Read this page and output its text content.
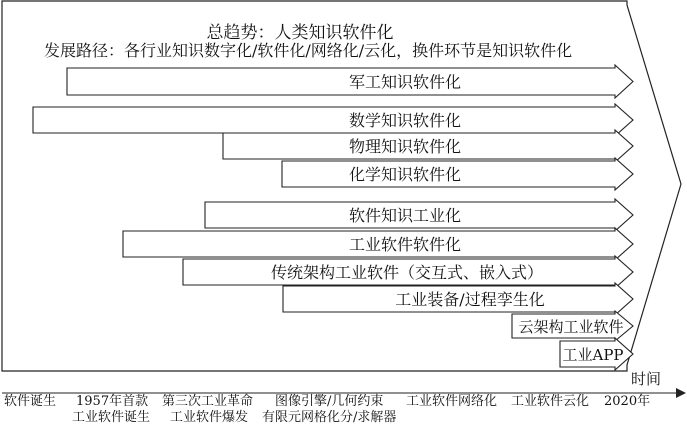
总趋势：人类知识软件化
发展路径：各行业知识数字化/软件化/网络化/云化，换件环节是知识软件化
军工知识软件化
数学知识软件化
物理知识软件化
化学知识软件化
软件知识工业化
工业软件软件化
传统架构工业软件（交互式、嵌入式）
工业装备/过程孪生化
云架构工业软件
工业APP
时间
软件诞生 1957年首款 第三次工业革命 图像引擎/几何约束 工业软件网络化 工业软件云化 2020年
工业软件诞生 工业软件爆发 有限元网格化分/求解器
